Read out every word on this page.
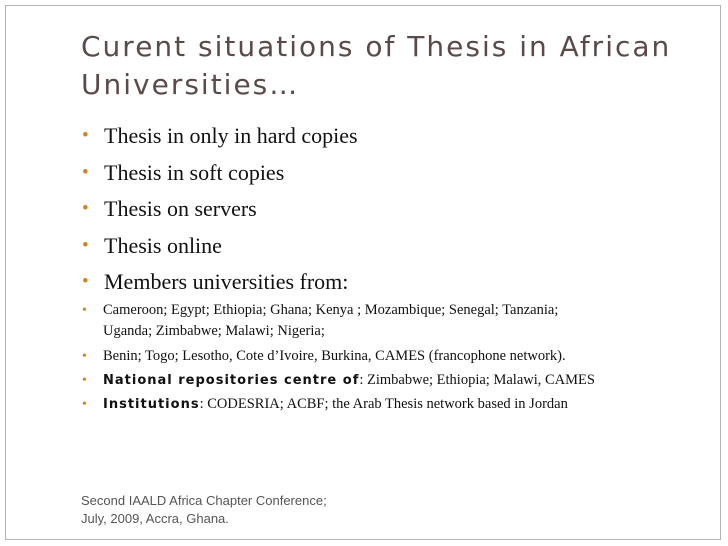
Curent situations of Thesis in African
Universities…
• Thesis in only in hard copies
• Thesis in soft copies
• Thesis on servers
• Thesis online
• Members universities from:
• Cameroon; Egypt; Ethiopia; Ghana; Kenya ; Mozambique; Senegal; Tanzania;
Uganda; Zimbabwe; Malawi; Nigeria;
• Benin; Togo; Lesotho, Cote d’Ivoire, Burkina, CAMES (francophone network).
• National repositories centre of: Zimbabwe; Ethiopia; Malawi, CAMES
• Institutions: CODESRIA; ACBF; the Arab Thesis network based in Jordan
Second IAALD Africa Chapter Conference;
July, 2009, Accra, Ghana.
